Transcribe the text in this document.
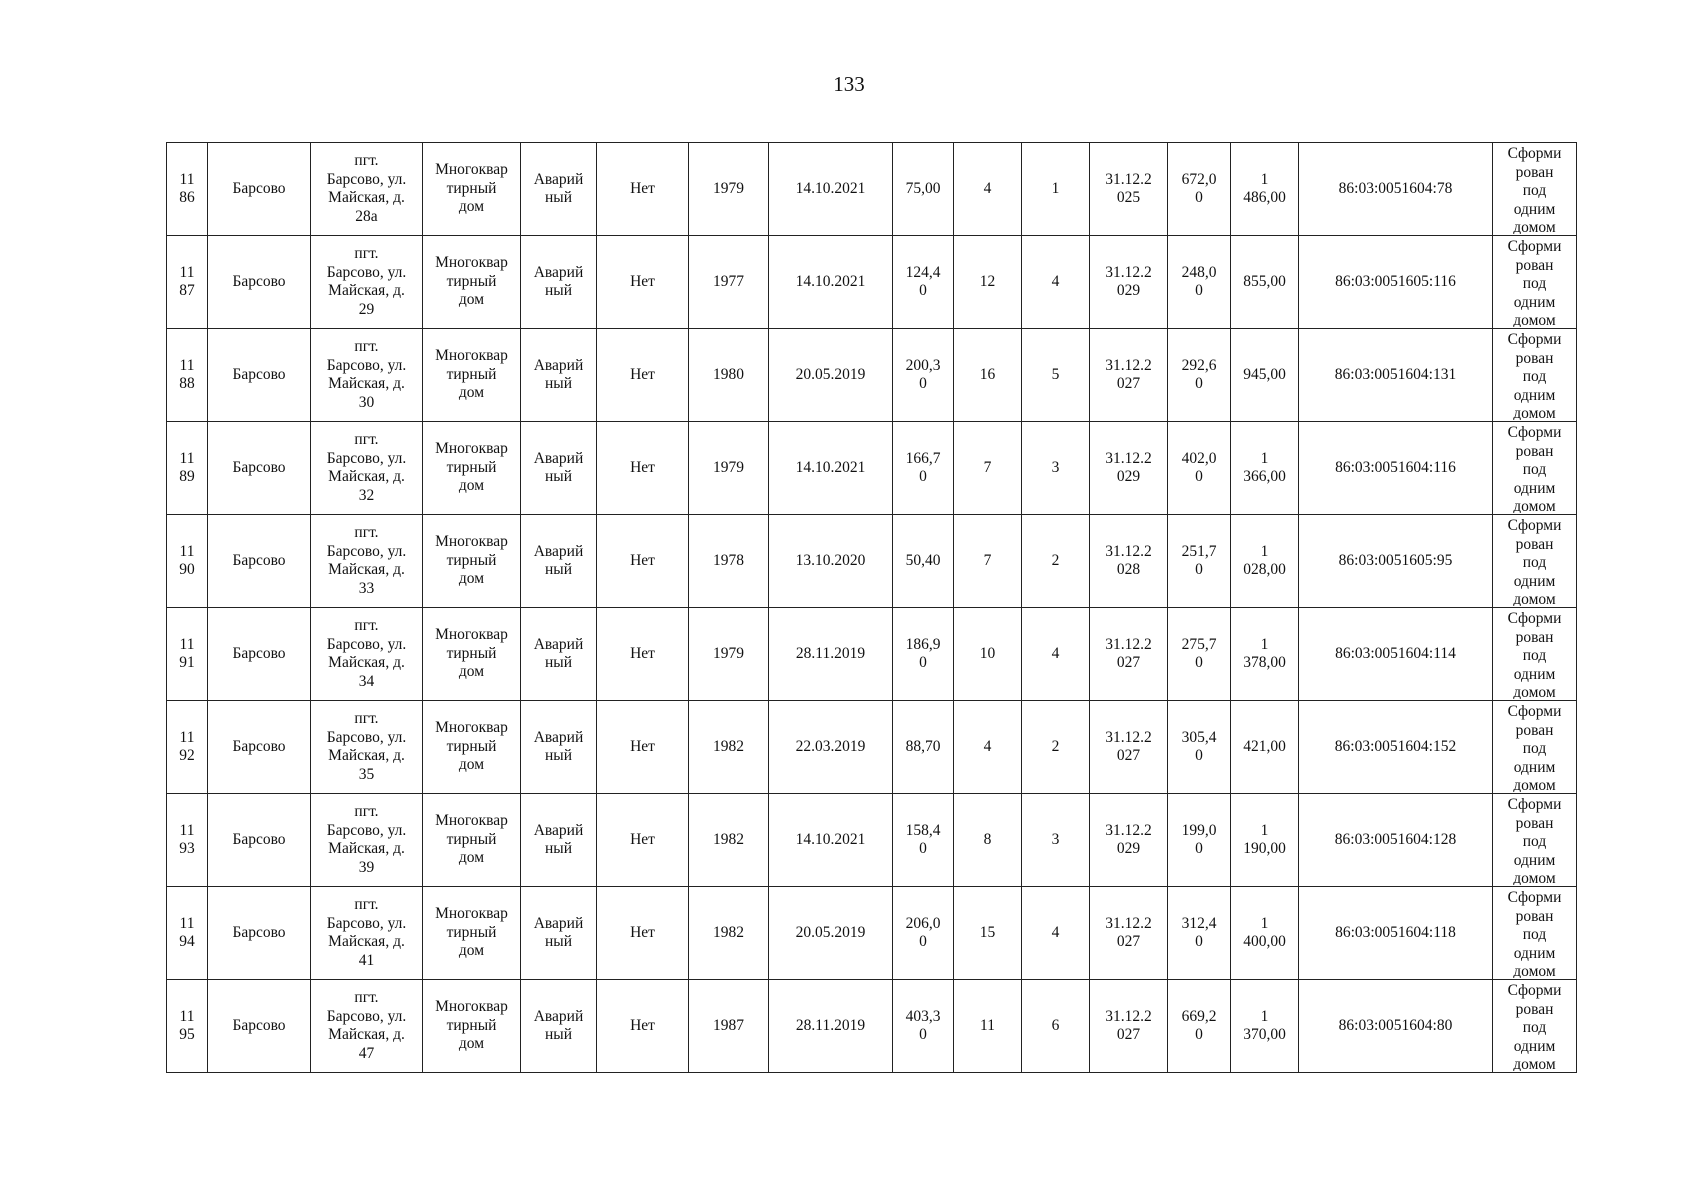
133
11
86	Барсово	пгт.
Барсово, ул.
Майская, д.
28а	Многоквар
тирный
дом	Аварий
ный	Нет	1979	14.10.2021	75,00	4	1	31.12.2
025	672,0
0	1
486,00	86:03:0051604:78	Сформи
рован
под
одним
домом

11
87	Барсово	пгт.
Барсово, ул.
Майская, д.
29	Многоквар
тирный
дом	Аварий
ный	Нет	1977	14.10.2021	124,4
0	12	4	31.12.2
029	248,0
0	855,00	86:03:0051605:116	Сформи
рован
под
одним
домом

11
88	Барсово	пгт.
Барсово, ул.
Майская, д.
30	Многоквар
тирный
дом	Аварий
ный	Нет	1980	20.05.2019	200,3
0	16	5	31.12.2
027	292,6
0	945,00	86:03:0051604:131	Сформи
рован
под
одним
домом

11
89	Барсово	пгт.
Барсово, ул.
Майская, д.
32	Многоквар
тирный
дом	Аварий
ный	Нет	1979	14.10.2021	166,7
0	7	3	31.12.2
029	402,0
0	1
366,00	86:03:0051604:116	Сформи
рован
под
одним
домом

11
90	Барсово	пгт.
Барсово, ул.
Майская, д.
33	Многоквар
тирный
дом	Аварий
ный	Нет	1978	13.10.2020	50,40	7	2	31.12.2
028	251,7
0	1
028,00	86:03:0051605:95	Сформи
рован
под
одним
домом

11
91	Барсово	пгт.
Барсово, ул.
Майская, д.
34	Многоквар
тирный
дом	Аварий
ный	Нет	1979	28.11.2019	186,9
0	10	4	31.12.2
027	275,7
0	1
378,00	86:03:0051604:114	Сформи
рован
под
одним
домом

11
92	Барсово	пгт.
Барсово, ул.
Майская, д.
35	Многоквар
тирный
дом	Аварий
ный	Нет	1982	22.03.2019	88,70	4	2	31.12.2
027	305,4
0	421,00	86:03:0051604:152	Сформи
рован
под
одним
домом

11
93	Барсово	пгт.
Барсово, ул.
Майская, д.
39	Многоквар
тирный
дом	Аварий
ный	Нет	1982	14.10.2021	158,4
0	8	3	31.12.2
029	199,0
0	1
190,00	86:03:0051604:128	Сформи
рован
под
одним
домом

11
94	Барсово	пгт.
Барсово, ул.
Майская, д.
41	Многоквар
тирный
дом	Аварий
ный	Нет	1982	20.05.2019	206,0
0	15	4	31.12.2
027	312,4
0	1
400,00	86:03:0051604:118	Сформи
рован
под
одним
домом

11
95	Барсово	пгт.
Барсово, ул.
Майская, д.
47	Многоквар
тирный
дом	Аварий
ный	Нет	1987	28.11.2019	403,3
0	11	6	31.12.2
027	669,2
0	1
370,00	86:03:0051604:80	Сформи
рован
под
одним
домом
